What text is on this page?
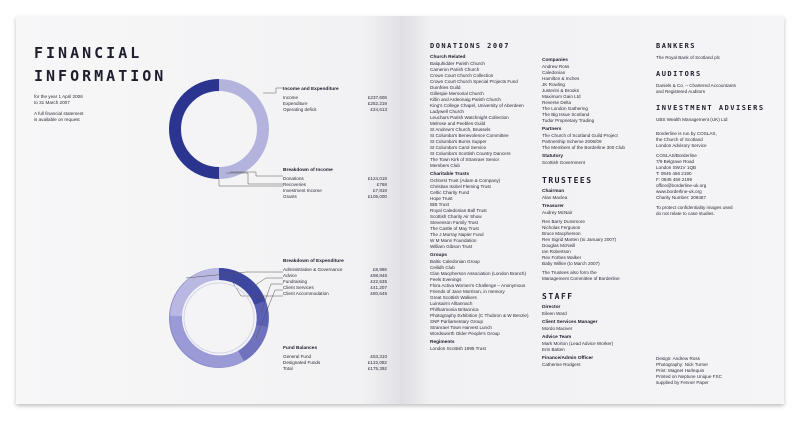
FINANCIAL
INFORMATION

for the year 1 April 2006
to 31 March 2007

A full financial statement
is available on request

Income and Expenditure
Income	£237,606
Expenditure	£252,219
Operating deficit	£24,613
Breakdown of Income
Donations	£124,019
Recoveries	£768
Investment Income	£7,819
Grants	£105,000
Breakdown of Expenditure
Administrative & Governance	£8,986
Advice	£98,846
Fundraising	£22,535
Client Services	£41,207
Client Accommodation	£80,645
Fund Balances
General Fund	£53,310
Designated Funds	£122,082
Total	£175,392
DONATIONS 2007
Church Related
Balquhidder Parish Church
Cameron Parish Church
Crown Court Church Collection
Crown Court Church Special Projects Fund
Dumfries Guild
Gillespie Memorial Church
Killin and Ardeonaig Parish Church
King's College Chapel, University of Aberdeen
Ladywell Church
Leuchars Parish Watchnight Collection
Melrose and Peebles Guild
St Andrew's Church, Brussels
St Columba's Benevolence Committee
St Columba's Burns Supper
St Columba's Carol Service
St Columba's Scottish Country Dancers
The Town Kirk of Stranraer Senior
Members Club
Charitable Trusts
Ochtvrst Trust (Adam & Company)
Christian Isobel Fleming Trust
Celtic Charity Fund
Hope Trust
IBB Trust
Royal Caledonian Ball Trust
Scottish Charity Air Show
Stevenson Family Trust
The Castle of May Trust
The J Murray Napier Fund
W M Mann Foundation
William Gibson Trust
Groups
Baltic Caledonian Group
Ceilidh Club
Clan Macpherson Association (London Branch)
Feels Evenings
Flora Activa Women's Challenge – Anonymous
Friends of Jane Morrison, in memory
Great Scottish Walkers
Luinsairm Alltannach
Philharmonia Britannica
Photography Exhibition (C Thubron & W Benzie)
SNP Parliamentary Group
Stranraer Town Harvest Lunch
Wordsworth Older People's Group
Regiments
London Scottish 1995 Trust
Companies
Andrew Ross
Caledonian
Hamilton & Inches
JK Rowling
Justerini & Brooks
Maximum Gain Ltd
Reverse Delta
The London Gathering
The Big Issue Scotland
Tudor Proprietary Trading
Partners
The Church of Scotland Guild Project
Partnership Scheme 2006/09
The Members of the Borderline 300 Club
Statutory
Scottish Government
TRUSTEES
Chairman
Alan Maclea
Treasurer
Audrey McNair
Rev Barry Dunsmore
Nicholas Ferguson
Bruce Macpherson
Rev Sigrid Marten (to January 2007)
Douglas McNeill
Ian Robertson
Rev Forbes Walker
Baby Wilkie (to March 2007)
The Trustees also form the
Management Committee of Borderline
STAFF
Director
Eileen Ward
Client Services Manager
Mordo Maciver
Advice Team
Mark Morton (Lead Advice Worker)
Erin Batten
Finance/Admin Officer
Catherine Rodgers
BANKERS
The Royal Bank of Scotland plc
AUDITORS
Daniels & Co. – Chartered Accountants
and Registered Auditors
INVESTMENT ADVISERS
UBS Wealth Management (UK) Ltd
Borderline is run by COSLAS,
the Church of Scotland
London Advisory Service
COSLAS/Borderline
7/9 Belgrave Road
London SW1V 1QB
T: 0845 456 2190
F: 0845 456 2199
office@borderline-uk.org
www.borderline-uk.org
Charity Number: 208487
To protect confidentiality images used
do not relate to case studies.
Design: Andrew Ross
Photography: Nick Turner
Print: Magnet Harlequin
Printed on Neptune Unique FSC
supplied by Fenner Paper
